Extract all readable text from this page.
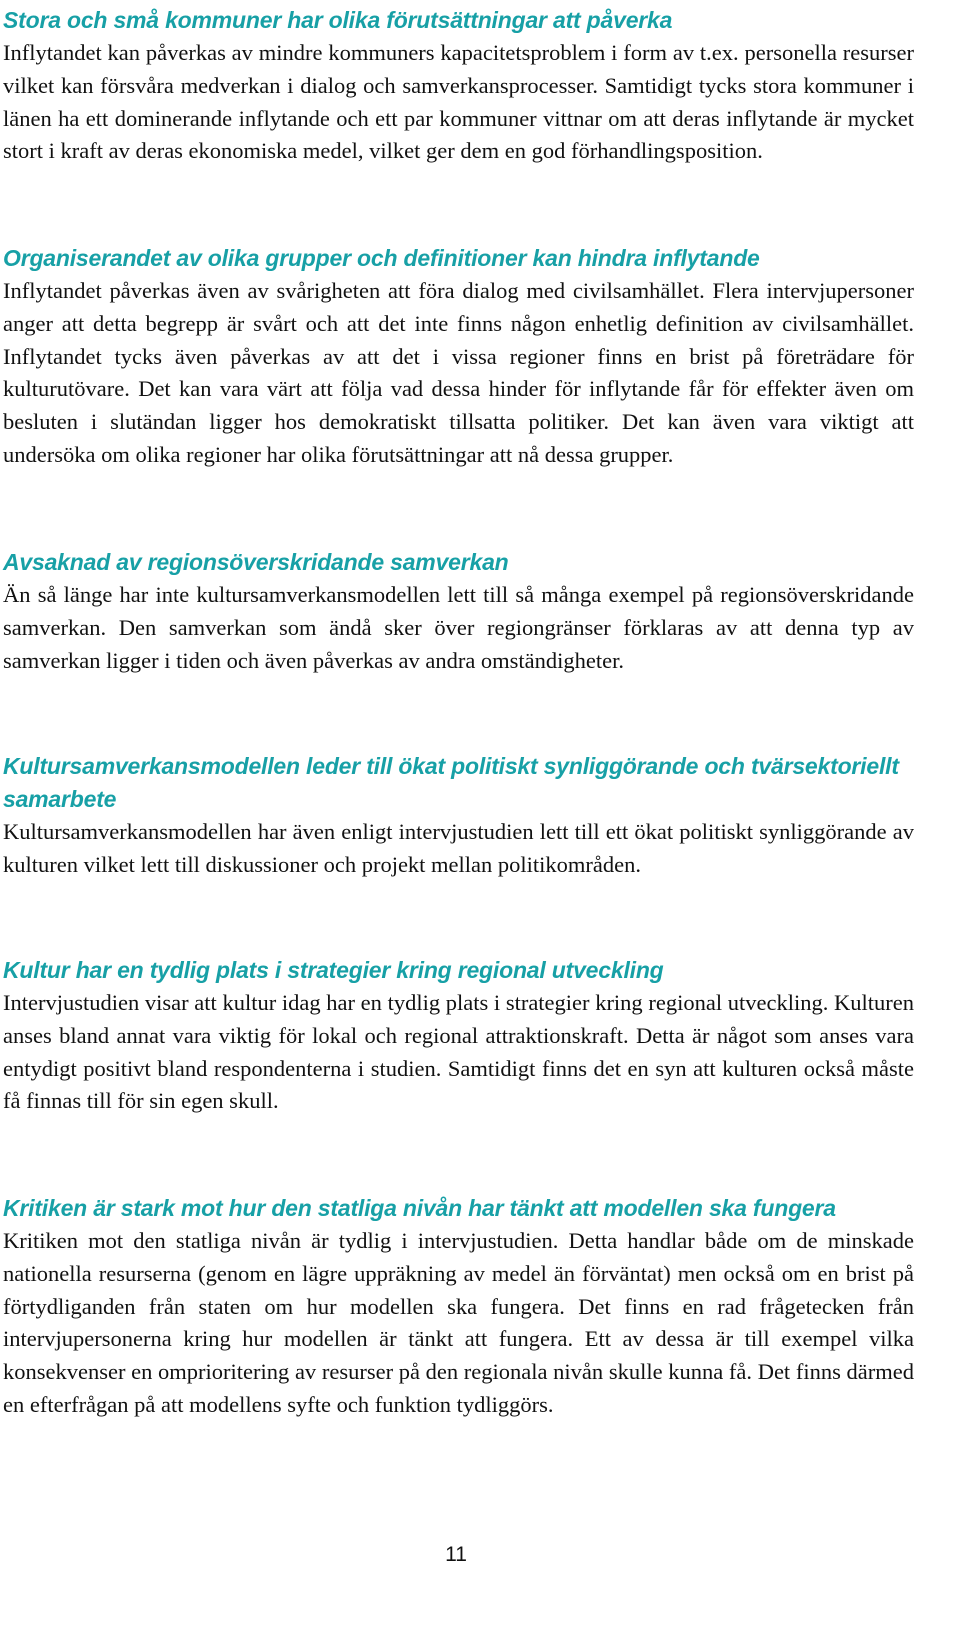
Stora och små kommuner har olika förutsättningar att påverka

Inflytandet kan påverkas av mindre kommuners kapacitetsproblem i form av t.ex. personella resurser vilket kan försvåra medverkan i dialog och samverkansprocesser. Samtidigt tycks stora kommuner i länen ha ett dominerande inflytande och ett par kommuner vittnar om att deras inflytande är mycket stort i kraft av deras ekonomiska medel, vilket ger dem en god förhandlingsposition.

Organiserandet av olika grupper och definitioner kan hindra inflytande

Inflytandet påverkas även av svårigheten att föra dialog med civilsamhället. Flera intervjupersoner anger att detta begrepp är svårt och att det inte finns någon enhetlig definition av civilsamhället. Inflytandet tycks även påverkas av att det i vissa regioner finns en brist på företrädare för kulturutövare. Det kan vara värt att följa vad dessa hinder för inflytande får för effekter även om besluten i slutändan ligger hos demokratiskt tillsatta politiker. Det kan även vara viktigt att undersöka om olika regioner har olika förutsättningar att nå dessa grupper.

Avsaknad av regionsöverskridande samverkan

Än så länge har inte kultursamverkansmodellen lett till så många exempel på regionsöverskridande samverkan. Den samverkan som ändå sker över regiongränser förklaras av att denna typ av samverkan ligger i tiden och även påverkas av andra omständigheter.

Kultursamverkansmodellen leder till ökat politiskt synliggörande och tvärsektoriellt samarbete

Kultursamverkansmodellen har även enligt intervjustudien lett till ett ökat politiskt synliggörande av kulturen vilket lett till diskussioner och projekt mellan politikområden.

Kultur har en tydlig plats i strategier kring regional utveckling

Intervjustudien visar att kultur idag har en tydlig plats i strategier kring regional utveckling. Kulturen anses bland annat vara viktig för lokal och regional attraktionskraft. Detta är något som anses vara entydigt positivt bland respondenterna i studien. Samtidigt finns det en syn att kulturen också måste få finnas till för sin egen skull.

Kritiken är stark mot hur den statliga nivån har tänkt att modellen ska fungera

Kritiken mot den statliga nivån är tydlig i intervjustudien. Detta handlar både om de minskade nationella resurserna (genom en lägre uppräkning av medel än förväntat) men också om en brist på förtydliganden från staten om hur modellen ska fungera. Det finns en rad frågetecken från intervjupersonerna kring hur modellen är tänkt att fungera. Ett av dessa är till exempel vilka konsekvenser en omprioritering av resurser på den regionala nivån skulle kunna få. Det finns därmed en efterfrågan på att modellens syfte och funktion tydliggörs.

11
